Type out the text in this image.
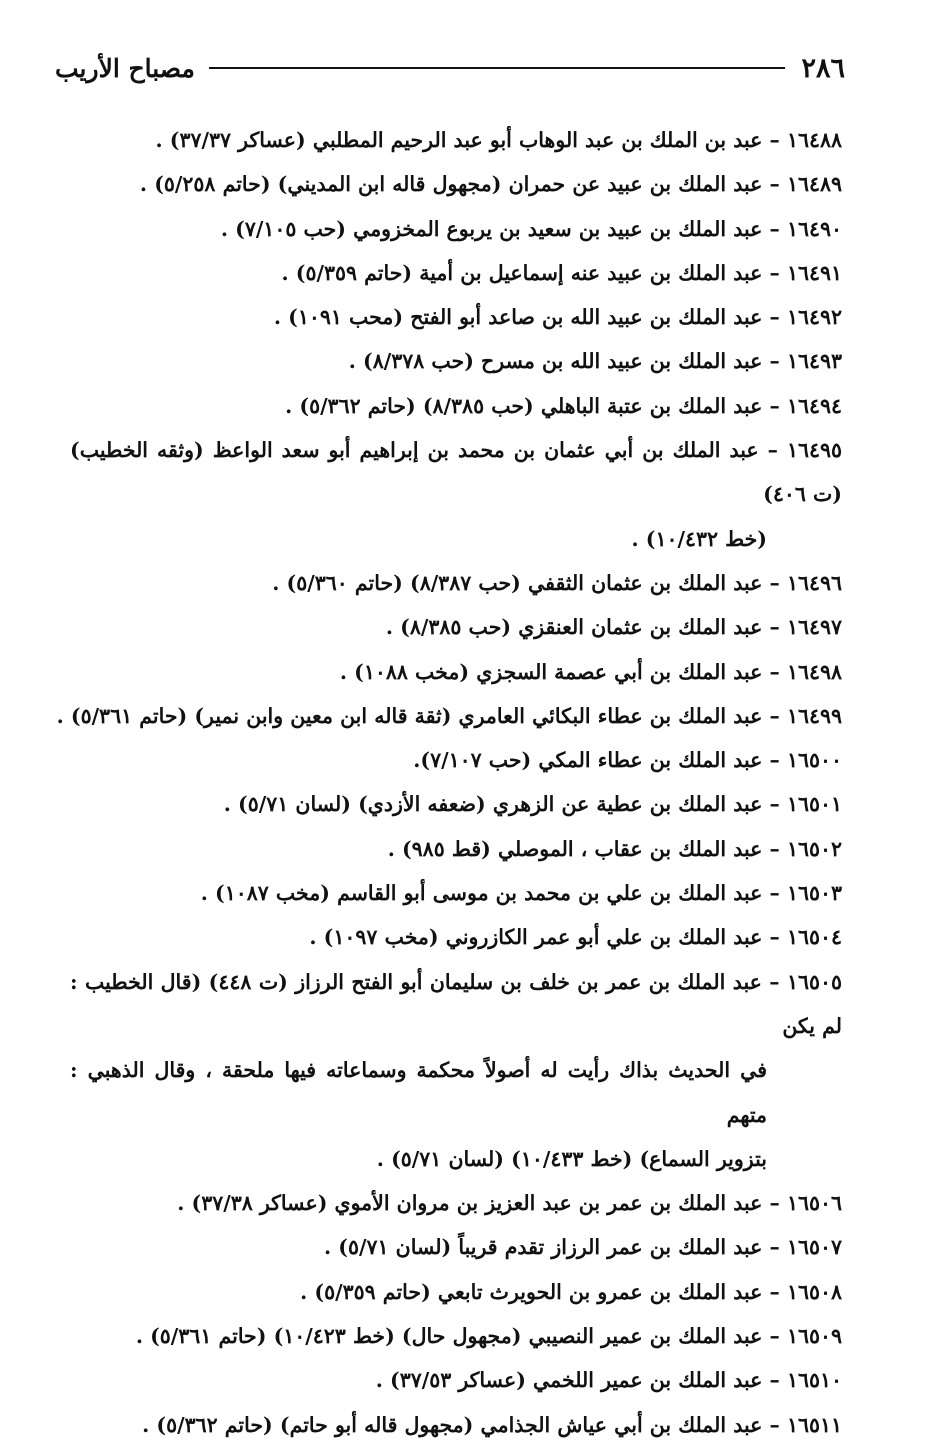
٢٨٦
مصباح الأريب
١٦٤٨٨ – عبد بن الملك بن عبد الوهاب أبو عبد الرحيم المطلبي (عساكر ٣٧/٣٧) .
١٦٤٨٩ – عبد الملك بن عبيد عن حمران (مجهول قاله ابن المديني) (حاتم ٥/٢٥٨) .
١٦٤٩٠ – عبد الملك بن عبيد بن سعيد بن يربوع المخزومي (حب ٧/١٠٥) .
١٦٤٩١ – عبد الملك بن عبيد عنه إسماعيل بن أمية (حاتم ٥/٣٥٩) .
١٦٤٩٢ – عبد الملك بن عبيد الله بن صاعد أبو الفتح (محب ١٠٩١) .
١٦٤٩٣ – عبد الملك بن عبيد الله بن مسرح (حب ٨/٣٧٨) .
١٦٤٩٤ – عبد الملك بن عتبة الباهلي (حب ٨/٣٨٥) (حاتم ٥/٣٦٢) .
١٦٤٩٥ – عبد الملك بن أبي عثمان بن محمد بن إبراهيم أبو سعد الواعظ (وثقه الخطيب) (ت ٤٠٦)
(خط ١٠/٤٣٢) .
١٦٤٩٦ – عبد الملك بن عثمان الثقفي (حب ٨/٣٨٧) (حاتم ٥/٣٦٠) .
١٦٤٩٧ – عبد الملك بن عثمان العنقزي (حب ٨/٣٨٥) .
١٦٤٩٨ – عبد الملك بن أبي عصمة السجزي (مخب ١٠٨٨) .
١٦٤٩٩ – عبد الملك بن عطاء البكائي العامري (ثقة قاله ابن معين وابن نمير) (حاتم ٥/٣٦١) .
١٦٥٠٠ – عبد الملك بن عطاء المكي (حب ٧/١٠٧).
١٦٥٠١ – عبد الملك بن عطية عن الزهري (ضعفه الأزدي) (لسان ٥/٧١) .
١٦٥٠٢ – عبد الملك بن عقاب ، الموصلي (قط ٩٨٥) .
١٦٥٠٣ – عبد الملك بن علي بن محمد بن موسى أبو القاسم (مخب ١٠٨٧) .
١٦٥٠٤ – عبد الملك بن علي أبو عمر الكازروني (مخب ١٠٩٧) .
١٦٥٠٥ – عبد الملك بن عمر بن خلف بن سليمان أبو الفتح الرزاز (ت ٤٤٨) (قال الخطيب : لم يكن
في الحديث بذاك رأيت له أصولاً محكمة وسماعاته فيها ملحقة ، وقال الذهبي : متهم
بتزوير السماع) (خط ١٠/٤٣٣) (لسان ٥/٧١) .
١٦٥٠٦ – عبد الملك بن عمر بن عبد العزيز بن مروان الأموي (عساكر ٣٧/٣٨) .
١٦٥٠٧ – عبد الملك بن عمر الرزاز تقدم قريباً (لسان ٥/٧١) .
١٦٥٠٨ – عبد الملك بن عمرو بن الحويرث تابعي (حاتم ٥/٣٥٩) .
١٦٥٠٩ – عبد الملك بن عمير النصيبي (مجهول حال) (خط ١٠/٤٢٣) (حاتم ٥/٣٦١) .
١٦٥١٠ – عبد الملك بن عمير اللخمي (عساكر ٣٧/٥٣) .
١٦٥١١ – عبد الملك بن أبي عياش الجذامي (مجهول قاله أبو حاتم) (حاتم ٥/٣٦٢) .
